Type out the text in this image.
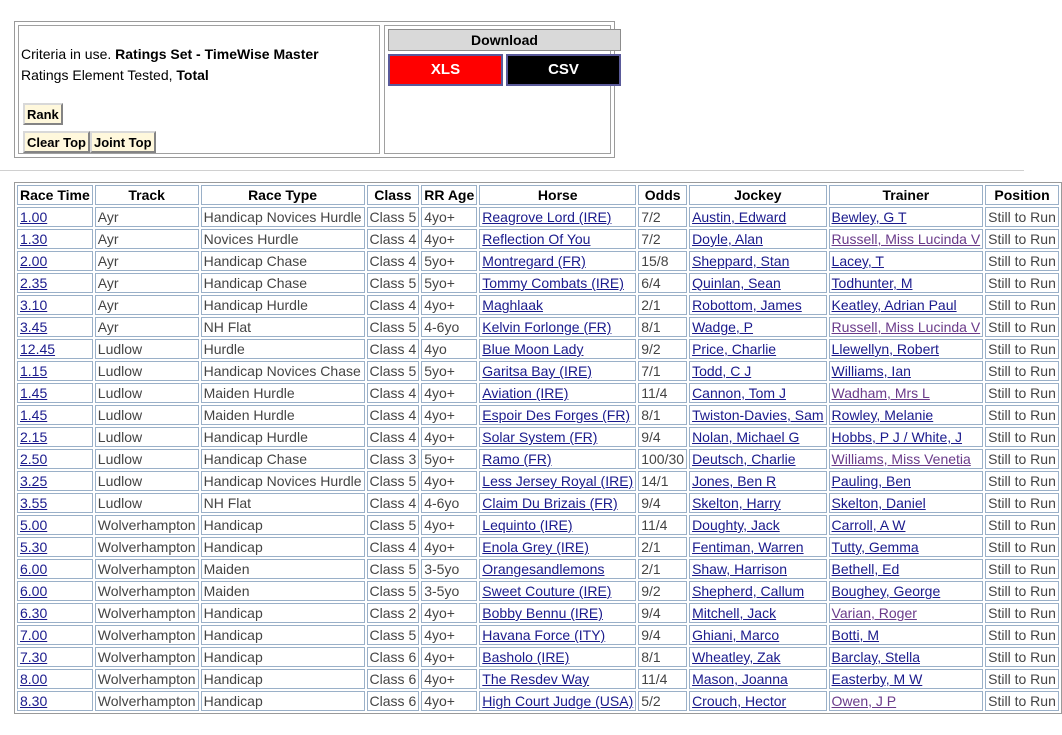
Criteria in use. Ratings Set - TimeWise Master
Ratings Element Tested, Total
Rank
Clear Top Joint Top
Download
XLS	CSV
Race Time	Track	Race Type	Class	RR Age	Horse	Odds	Jockey	Trainer	Position
1.00	Ayr	Handicap Novices Hurdle	Class 5	4yo+	Reagrove Lord (IRE)	7/2	Austin, Edward	Bewley, G T	Still to Run
1.30	Ayr	Novices Hurdle	Class 4	4yo+	Reflection Of You	7/2	Doyle, Alan	Russell, Miss Lucinda V	Still to Run
2.00	Ayr	Handicap Chase	Class 4	5yo+	Montregard (FR)	15/8	Sheppard, Stan	Lacey, T	Still to Run
2.35	Ayr	Handicap Chase	Class 5	5yo+	Tommy Combats (IRE)	6/4	Quinlan, Sean	Todhunter, M	Still to Run
3.10	Ayr	Handicap Hurdle	Class 4	4yo+	Maghlaak	2/1	Robottom, James	Keatley, Adrian Paul	Still to Run
3.45	Ayr	NH Flat	Class 5	4-6yo	Kelvin Forlonge (FR)	8/1	Wadge, P	Russell, Miss Lucinda V	Still to Run
12.45	Ludlow	Hurdle	Class 4	4yo	Blue Moon Lady	9/2	Price, Charlie	Llewellyn, Robert	Still to Run
1.15	Ludlow	Handicap Novices Chase	Class 5	5yo+	Garitsa Bay (IRE)	7/1	Todd, C J	Williams, Ian	Still to Run
1.45	Ludlow	Maiden Hurdle	Class 4	4yo+	Aviation (IRE)	11/4	Cannon, Tom J	Wadham, Mrs L	Still to Run
1.45	Ludlow	Maiden Hurdle	Class 4	4yo+	Espoir Des Forges (FR)	8/1	Twiston-Davies, Sam	Rowley, Melanie	Still to Run
2.15	Ludlow	Handicap Hurdle	Class 4	4yo+	Solar System (FR)	9/4	Nolan, Michael G	Hobbs, P J / White, J	Still to Run
2.50	Ludlow	Handicap Chase	Class 3	5yo+	Ramo (FR)	100/30	Deutsch, Charlie	Williams, Miss Venetia	Still to Run
3.25	Ludlow	Handicap Novices Hurdle	Class 5	4yo+	Less Jersey Royal (IRE)	14/1	Jones, Ben R	Pauling, Ben	Still to Run
3.55	Ludlow	NH Flat	Class 4	4-6yo	Claim Du Brizais (FR)	9/4	Skelton, Harry	Skelton, Daniel	Still to Run
5.00	Wolverhampton	Handicap	Class 5	4yo+	Lequinto (IRE)	11/4	Doughty, Jack	Carroll, A W	Still to Run
5.30	Wolverhampton	Handicap	Class 4	4yo+	Enola Grey (IRE)	2/1	Fentiman, Warren	Tutty, Gemma	Still to Run
6.00	Wolverhampton	Maiden	Class 5	3-5yo	Orangesandlemons	2/1	Shaw, Harrison	Bethell, Ed	Still to Run
6.00	Wolverhampton	Maiden	Class 5	3-5yo	Sweet Couture (IRE)	9/2	Shepherd, Callum	Boughey, George	Still to Run
6.30	Wolverhampton	Handicap	Class 2	4yo+	Bobby Bennu (IRE)	9/4	Mitchell, Jack	Varian, Roger	Still to Run
7.00	Wolverhampton	Handicap	Class 5	4yo+	Havana Force (ITY)	9/4	Ghiani, Marco	Botti, M	Still to Run
7.30	Wolverhampton	Handicap	Class 6	4yo+	Basholo (IRE)	8/1	Wheatley, Zak	Barclay, Stella	Still to Run
8.00	Wolverhampton	Handicap	Class 6	4yo+	The Resdev Way	11/4	Mason, Joanna	Easterby, M W	Still to Run
8.30	Wolverhampton	Handicap	Class 6	4yo+	High Court Judge (USA)	5/2	Crouch, Hector	Owen, J P	Still to Run
